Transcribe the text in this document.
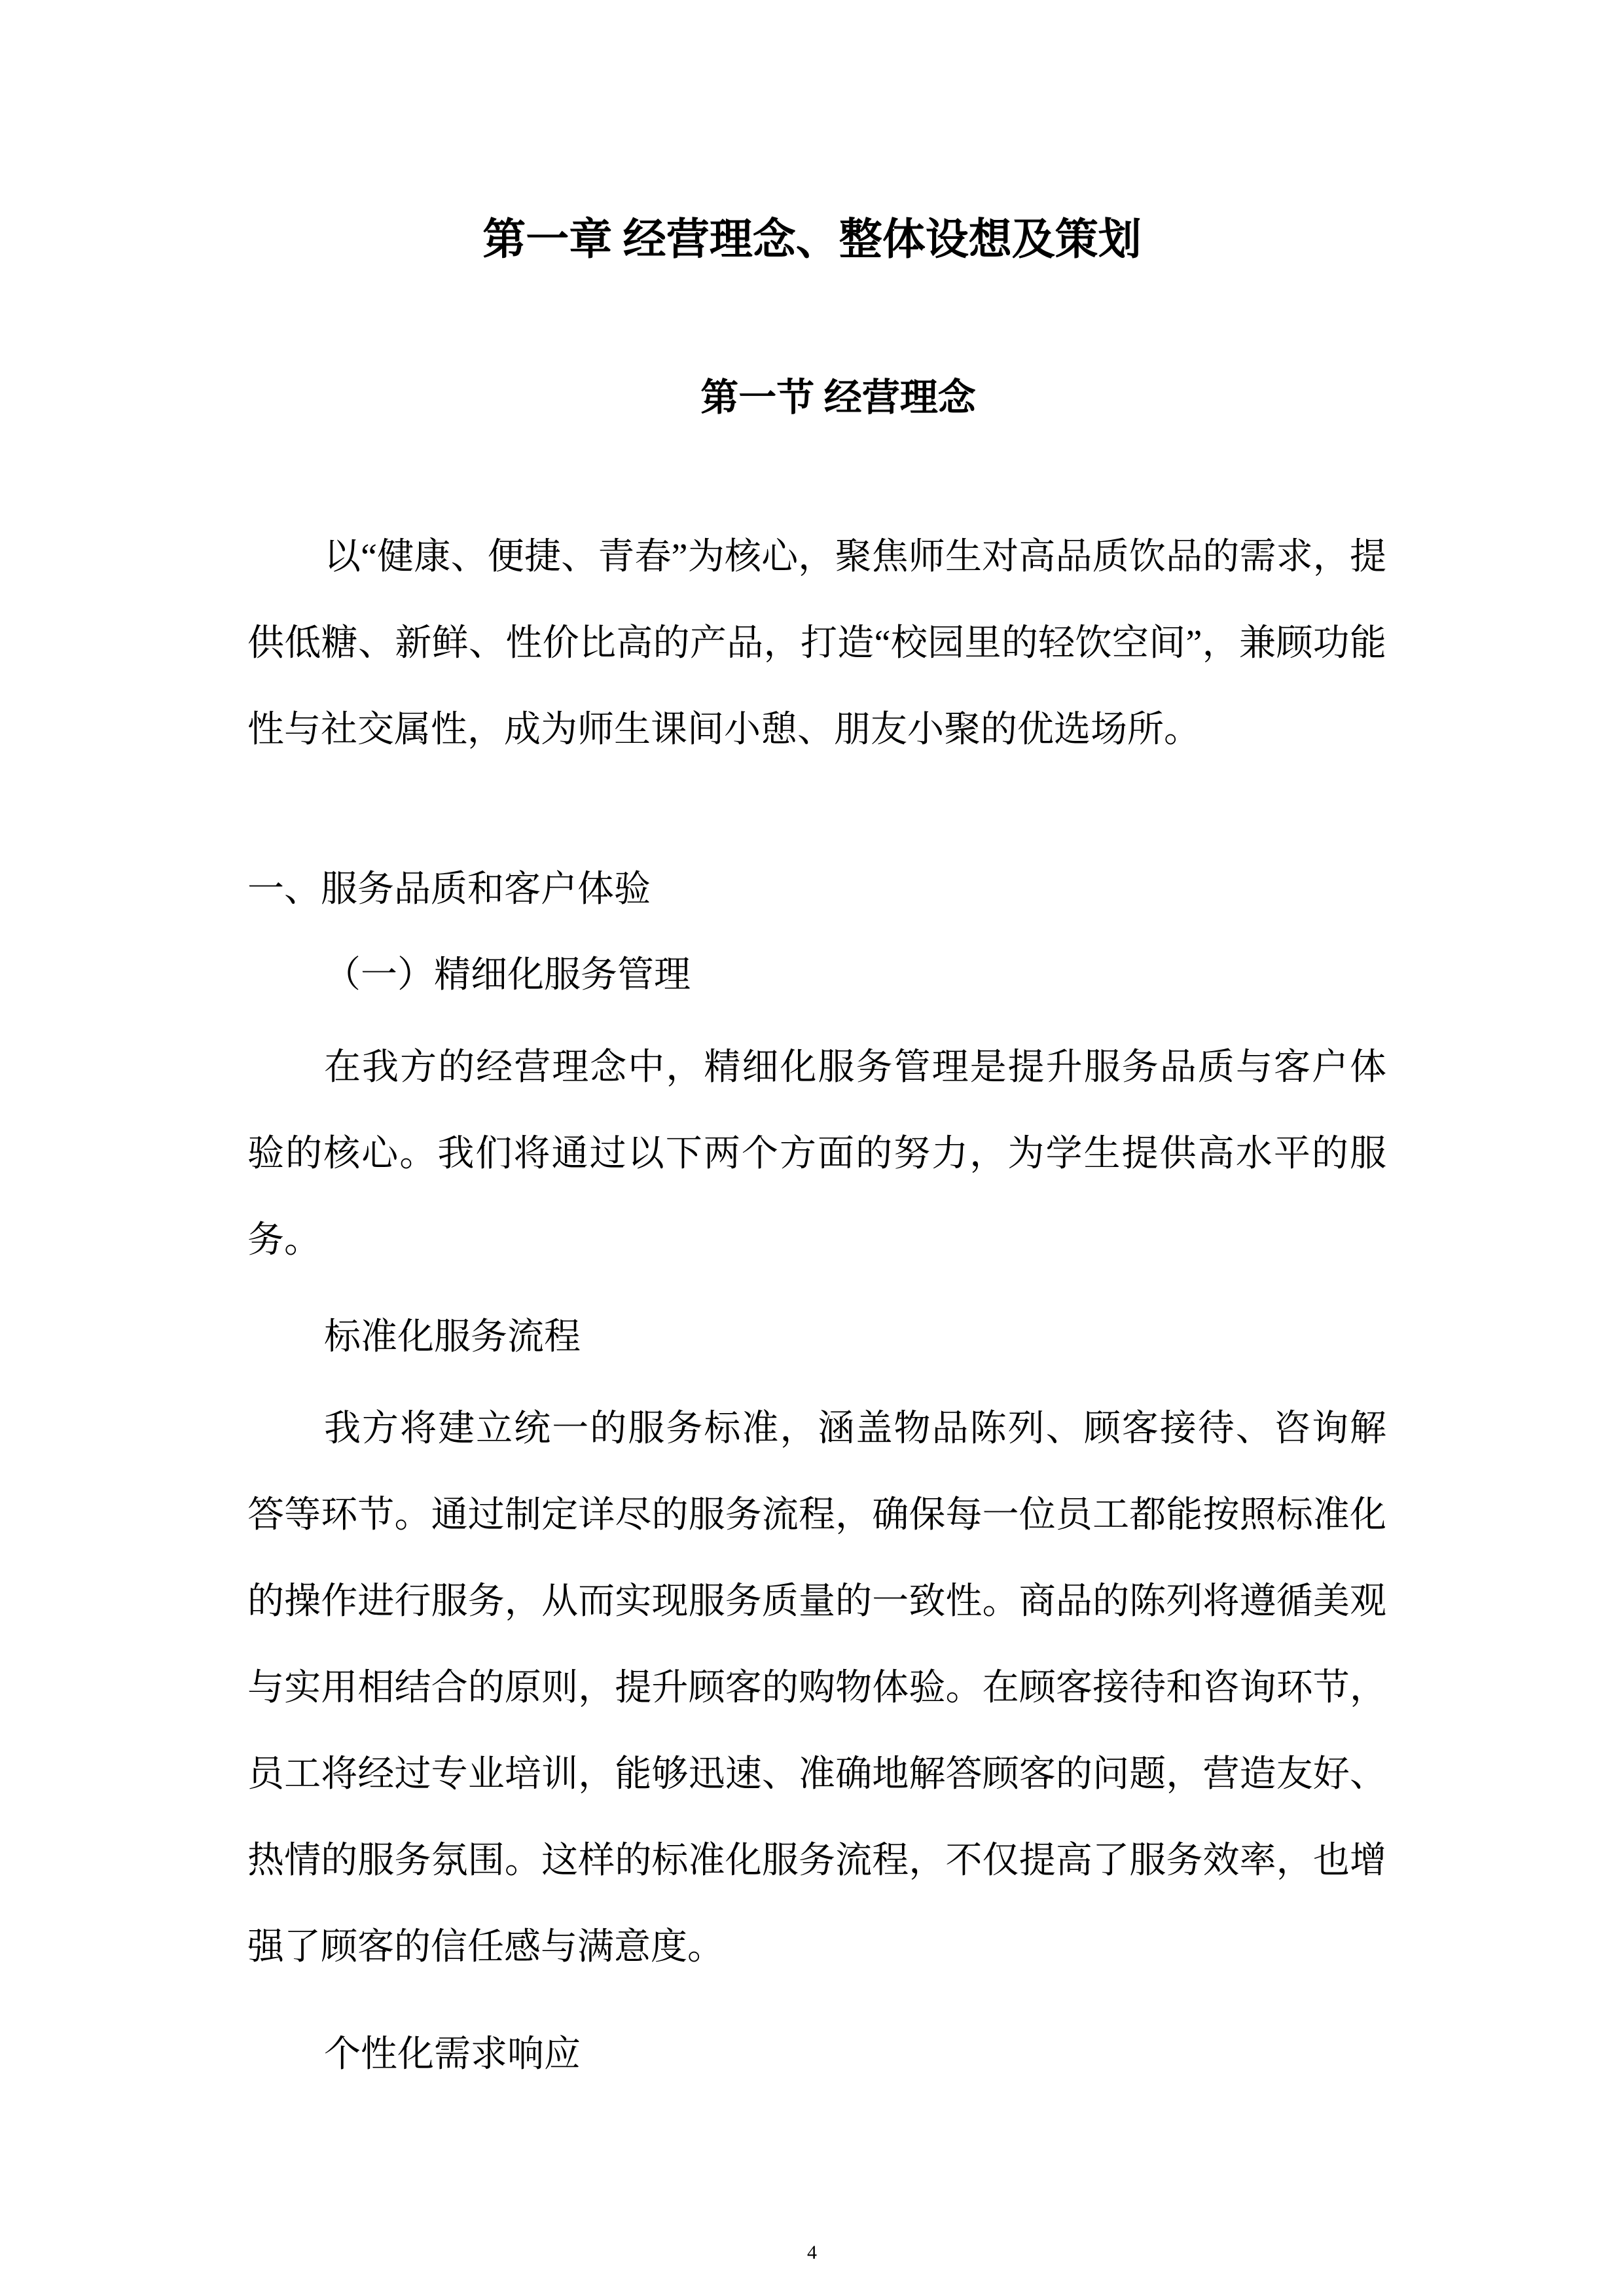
第一章 经营理念、整体设想及策划
第一节 经营理念
以“健康、便捷、青春”为核心，聚焦师生对高品质饮品的需求，提供低糖、新鲜、性价比高的产品，打造“校园里的轻饮空间”，兼顾功能性与社交属性，成为师生课间小憩、朋友小聚的优选场所。
一、服务品质和客户体验
（一）精细化服务管理
在我方的经营理念中，精细化服务管理是提升服务品质与客户体验的核心。我们将通过以下两个方面的努力，为学生提供高水平的服务。
标准化服务流程
我方将建立统一的服务标准，涵盖物品陈列、顾客接待、咨询解答等环节。通过制定详尽的服务流程，确保每一位员工都能按照标准化的操作进行服务，从而实现服务质量的一致性。商品的陈列将遵循美观与实用相结合的原则，提升顾客的购物体验。在顾客接待和咨询环节，员工将经过专业培训，能够迅速、准确地解答顾客的问题，营造友好、热情的服务氛围。这样的标准化服务流程，不仅提高了服务效率，也增强了顾客的信任感与满意度。
个性化需求响应
4
